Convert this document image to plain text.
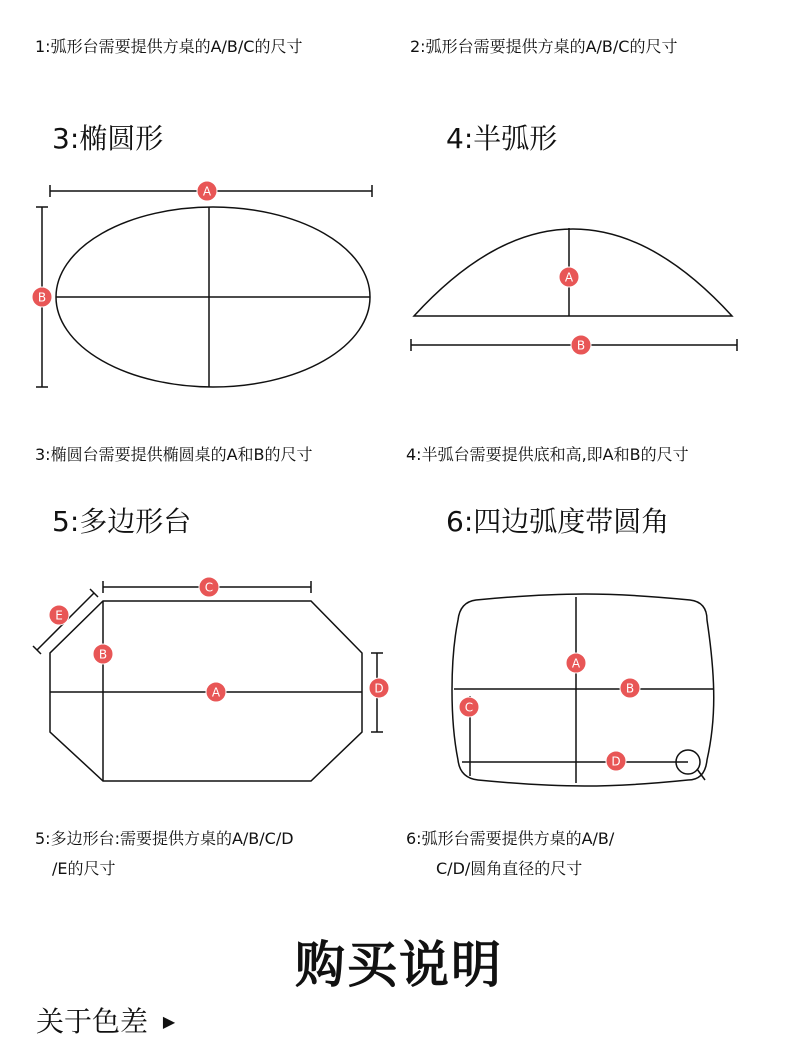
1:弧形台需要提供方桌的A/B/C的尺寸	2:弧形台需要提供方桌的A/B/C的尺寸
3:椭圆形	4:半弧形
3:椭圆台需要提供椭圆桌的A和B的尺寸	4:半弧台需要提供底和高,即A和B的尺寸
5:多边形台	6:四边弧度带圆角
5:多边形台:需要提供方桌的A/B/C/D
/E的尺寸
6:弧形台需要提供方桌的A/B/
C/D/圆角直径的尺寸
购买说明
关于色差 ▶
A
B
A
B
C
E
B
A	D
A
B
C
D
